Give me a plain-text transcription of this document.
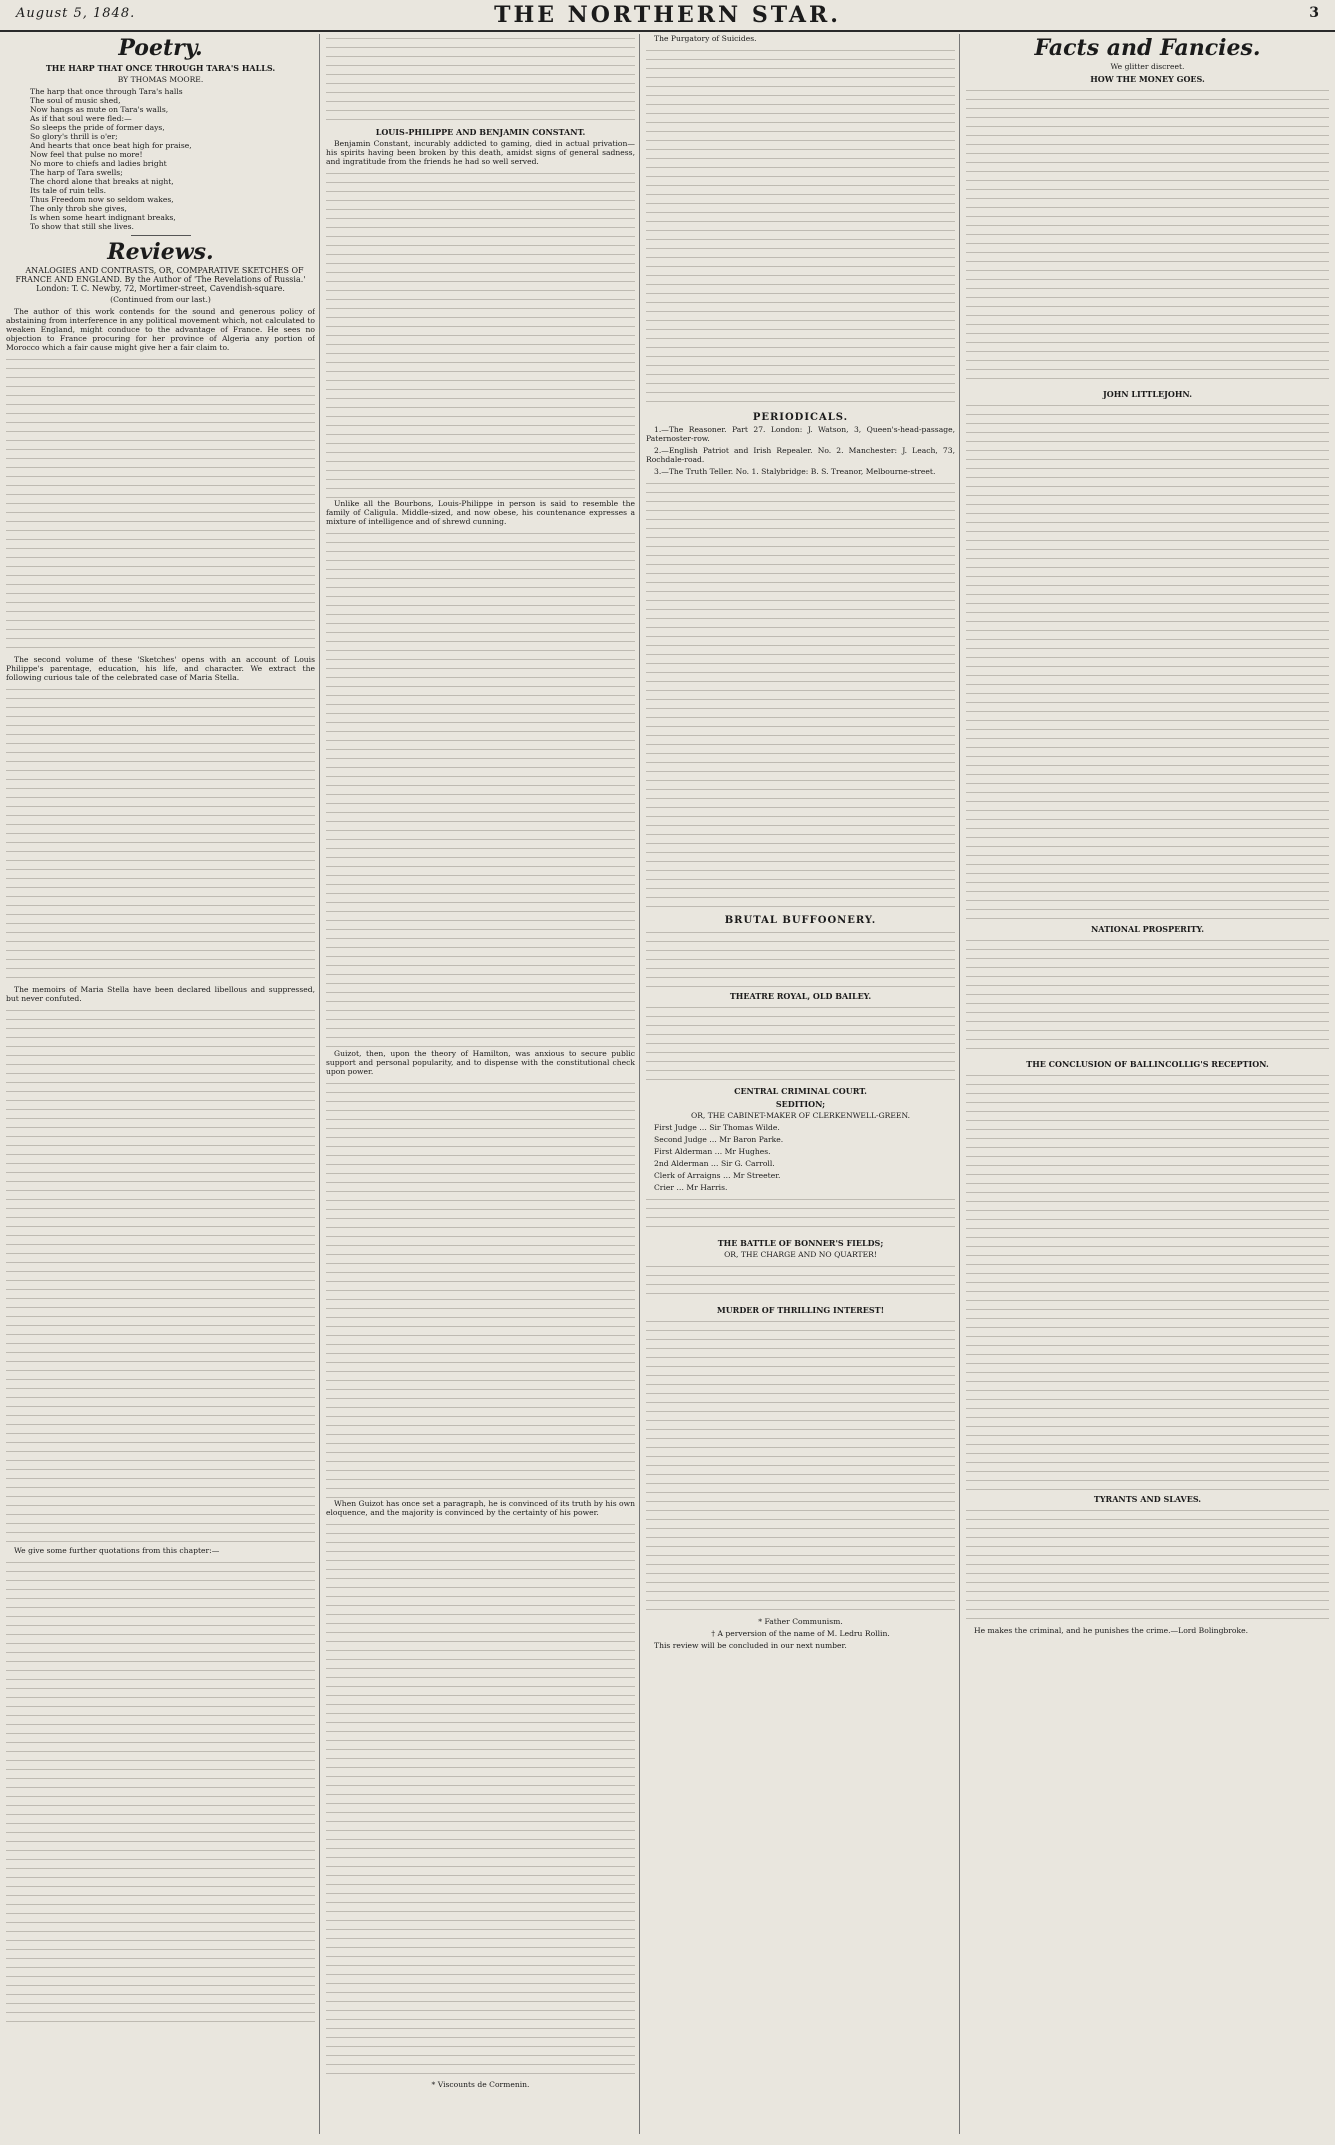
August 5, 1848.	THE NORTHERN STAR.	3
Poetry.
THE HARP THAT ONCE THROUGH TARA'S HALLS.

BY THOMAS MOORE.

The harp that once through Tara's halls

The soul of music shed,

Now hangs as mute on Tara's walls,

As if that soul were fled:—

So sleeps the pride of former days,

So glory's thrill is o'er;

And hearts that once beat high for praise,

Now feel that pulse no more!

No more to chiefs and ladies bright

The harp of Tara swells;

The chord alone that breaks at night,

Its tale of ruin tells.

Thus Freedom now so seldom wakes,

The only throb she gives,

Is when some heart indignant breaks,

To show that still she lives.

Reviews.

ANALOGIES AND CONTRASTS, OR, COMPARATIVE SKETCHES OF FRANCE AND ENGLAND. By the Author of 'The Revelations of Russia.' London: T. C. Newby, 72, Mortimer-street, Cavendish-square.

(Continued from our last.)

The author of this work contends for the sound and generous policy of abstaining from interference in any political movement which, not calculated to weaken England, might conduce to the advantage of France. He sees no objection to France procuring for her province of Algeria any portion of Morocco which a fair cause might give her a fair claim to.

The second volume of these 'Sketches' opens with an account of Louis Philippe's parentage, education, his life, and character. We extract the following curious tale of the celebrated case of Maria Stella.

The memoirs of Maria Stella have been declared libellous and suppressed, but never confuted.

We give some further quotations from this chapter:—

LOUIS-PHILIPPE AND BENJAMIN CONSTANT.

Benjamin Constant, incurably addicted to gaming, died in actual privation—his spirits having been broken by this death, amidst signs of general sadness, and ingratitude from the friends he had so well served.

Unlike all the Bourbons, Louis-Philippe in person is said to resemble the family of Caligula. Middle-sized, and now obese, his countenance expresses a mixture of intelligence and of shrewd cunning.

Guizot, then, upon the theory of Hamilton, was anxious to secure public support and personal popularity, and to dispense with the constitutional check upon power.

When Guizot has once set a paragraph, he is convinced of its truth by his own eloquence, and the majority is convinced by the certainty of his power.

* Viscounts de Cormenin.

The Purgatory of Suicides.

PERIODICALS.

1.—The Reasoner. Part 27. London: J. Watson, 3, Queen's-head-passage, Paternoster-row.

2.—English Patriot and Irish Repealer. No. 2. Manchester: J. Leach, 73, Rochdale-road.

3.—The Truth Teller. No. 1. Stalybridge: B. S. Treanor, Melbourne-street.

BRUTAL BUFFOONERY.
THEATRE ROYAL, OLD BAILEY.
CENTRAL CRIMINAL COURT.
SEDITION;

OR, THE CABINET-MAKER OF CLERKENWELL-GREEN.

First Judge … Sir Thomas Wilde.

Second Judge … Mr Baron Parke.

First Alderman … Mr Hughes.

2nd Alderman … Sir G. Carroll.

Clerk of Arraigns … Mr Streeter.

Crier … Mr Harris.

THE BATTLE OF BONNER'S FIELDS;

OR, THE CHARGE AND NO QUARTER!

MURDER OF THRILLING INTEREST!

* Father Communism.

† A perversion of the name of M. Ledru Rollin.

This review will be concluded in our next number.

Facts and Fancies.

We glitter discreet.

HOW THE MONEY GOES.
JOHN LITTLEJOHN.
NATIONAL PROSPERITY.
THE CONCLUSION OF BALLINCOLLIG'S RECEPTION.
TYRANTS AND SLAVES.

He makes the criminal, and he punishes the crime.—Lord Bolingbroke.
